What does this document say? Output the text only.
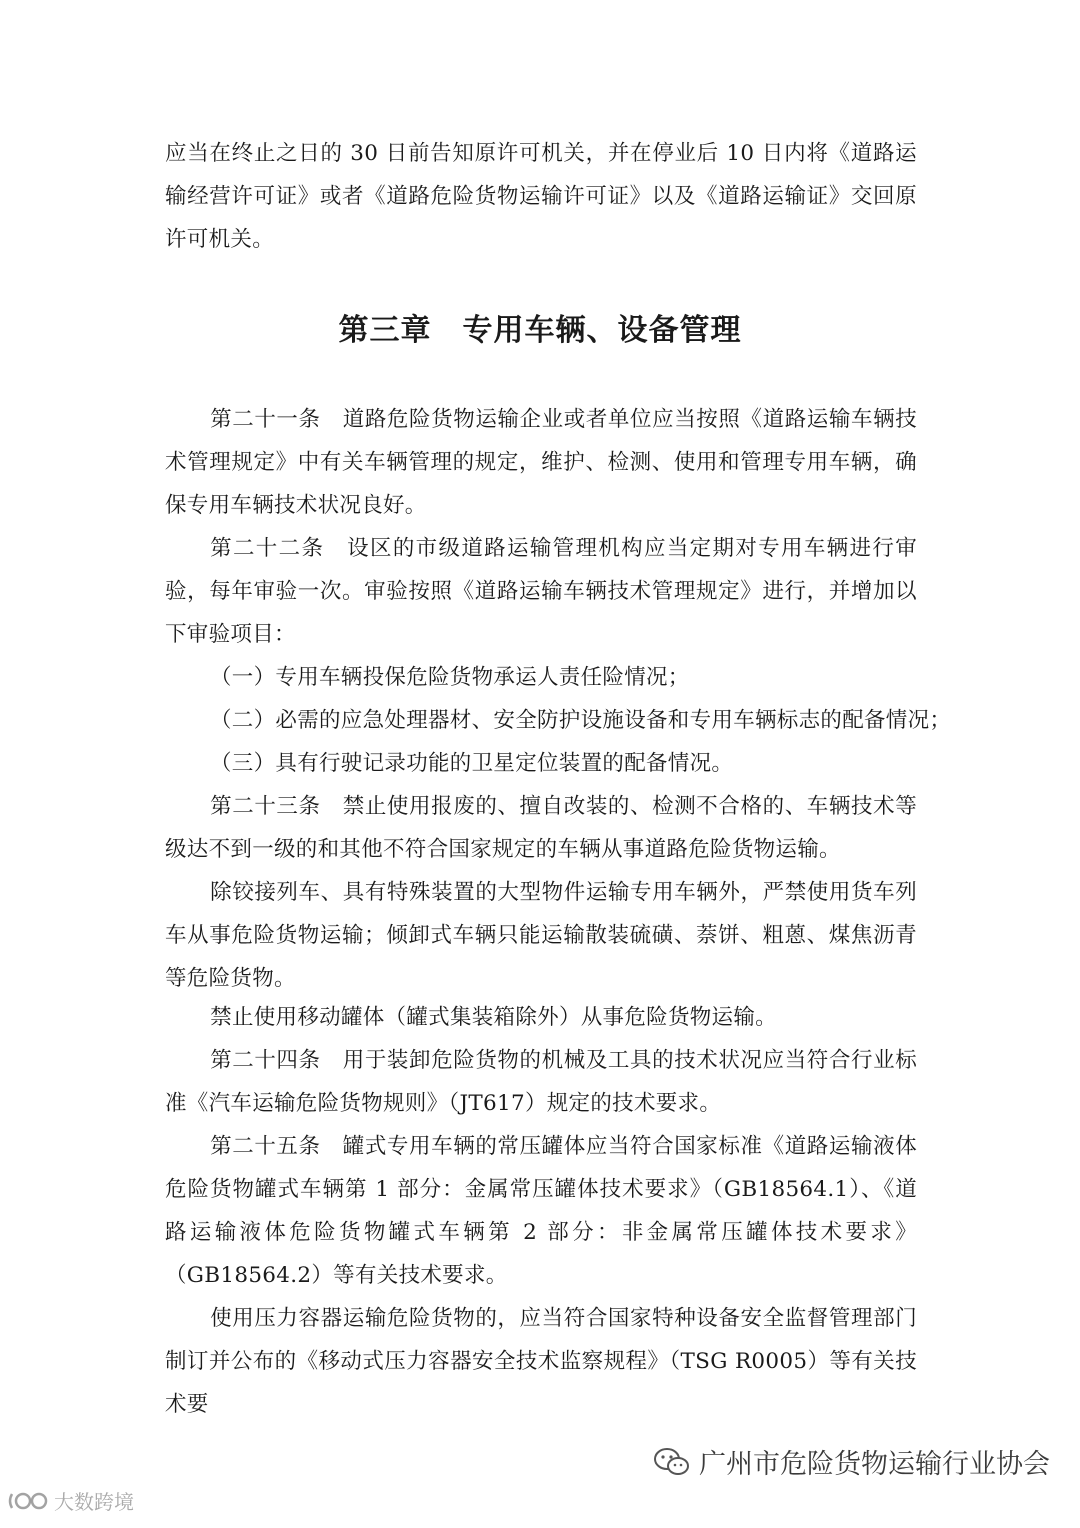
应当在终止之日的 30 日前告知原许可机关，并在停业后 10 日内将《道路运输经营许可证》或者《道路危险货物运输许可证》以及《道路运输证》交回原许可机关。

第三章　专用车辆、设备管理

第二十一条　道路危险货物运输企业或者单位应当按照《道路运输车辆技术管理规定》中有关车辆管理的规定，维护、检测、使用和管理专用车辆，确保专用车辆技术状况良好。

第二十二条　设区的市级道路运输管理机构应当定期对专用车辆进行审验，每年审验一次。审验按照《道路运输车辆技术管理规定》进行，并增加以下审验项目：

（一）专用车辆投保危险货物承运人责任险情况；

（二）必需的应急处理器材、安全防护设施设备和专用车辆标志的配备情况；

（三）具有行驶记录功能的卫星定位装置的配备情况。

第二十三条　禁止使用报废的、擅自改装的、检测不合格的、车辆技术等级达不到一级的和其他不符合国家规定的车辆从事道路危险货物运输。

除铰接列车、具有特殊装置的大型物件运输专用车辆外，严禁使用货车列车从事危险货物运输；倾卸式车辆只能运输散装硫磺、萘饼、粗蒽、煤焦沥青等危险货物。

禁止使用移动罐体（罐式集装箱除外）从事危险货物运输。

第二十四条　用于装卸危险货物的机械及工具的技术状况应当符合行业标准《汽车运输危险货物规则》（JT617）规定的技术要求。

第二十五条　罐式专用车辆的常压罐体应当符合国家标准《道路运输液体危险货物罐式车辆第 1 部分：金属常压罐体技术要求》（GB18564.1）、《道路运输液体危险货物罐式车辆第 2 部分：非金属常压罐体技术要求》（GB18564.2）等有关技术要求。

使用压力容器运输危险货物的，应当符合国家特种设备安全监督管理部门制订并公布的《移动式压力容器安全技术监察规程》（TSG R0005）等有关技术要

广州市危险货物运输行业协会
大数跨境
